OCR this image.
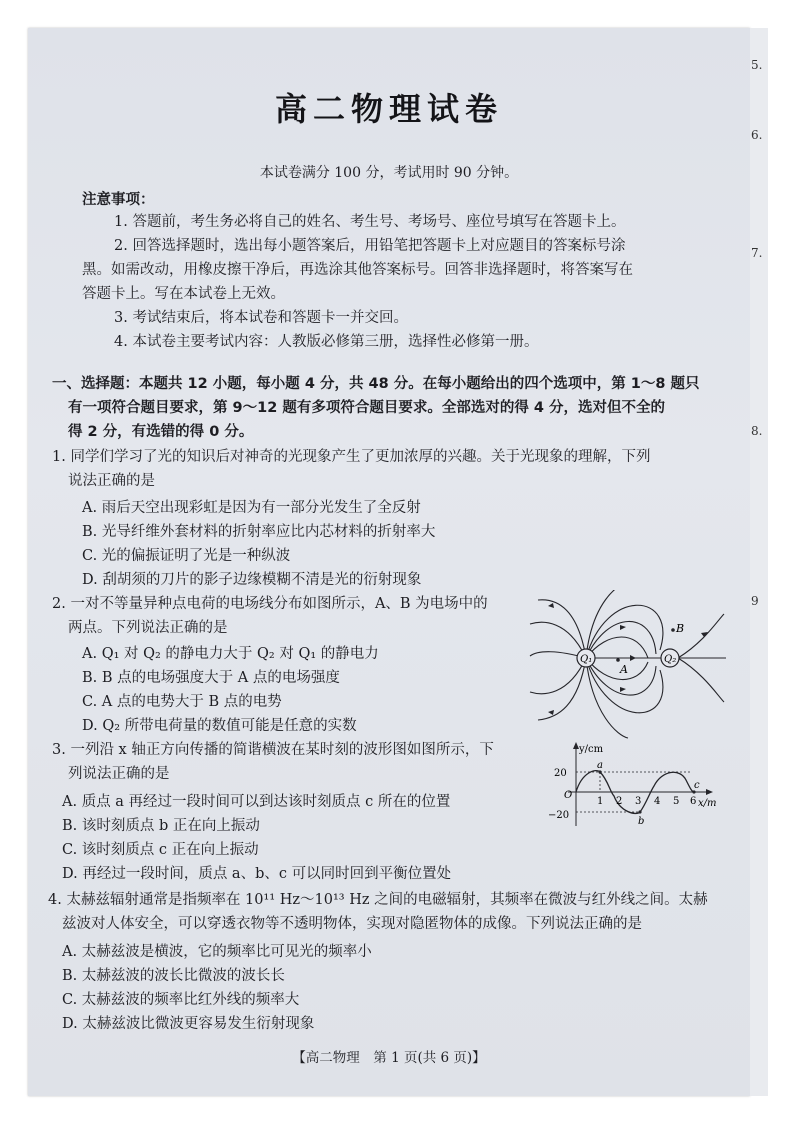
高二物理试卷
本试卷满分 100 分，考试用时 90 分钟。
注意事项：
1. 答题前，考生务必将自己的姓名、考生号、考场号、座位号填写在答题卡上。
2. 回答选择题时，选出每小题答案后，用铅笔把答题卡上对应题目的答案标号涂
黑。如需改动，用橡皮擦干净后，再选涂其他答案标号。回答非选择题时，将答案写在
答题卡上。写在本试卷上无效。
3. 考试结束后，将本试卷和答题卡一并交回。
4. 本试卷主要考试内容：人教版必修第三册，选择性必修第一册。
一、选择题：本题共 12 小题，每小题 4 分，共 48 分。在每小题给出的四个选项中，第 1～8 题只
有一项符合题目要求，第 9～12 题有多项符合题目要求。全部选对的得 4 分，选对但不全的
得 2 分，有选错的得 0 分。
1. 同学们学习了光的知识后对神奇的光现象产生了更加浓厚的兴趣。关于光现象的理解，下列
说法正确的是
A. 雨后天空出现彩虹是因为有一部分光发生了全反射
B. 光导纤维外套材料的折射率应比内芯材料的折射率大
C. 光的偏振证明了光是一种纵波
D. 刮胡须的刀片的影子边缘模糊不清是光的衍射现象
2. 一对不等量异种点电荷的电场线分布如图所示，A、B 为电场中的
两点。下列说法正确的是
A. Q₁ 对 Q₂ 的静电力大于 Q₂ 对 Q₁ 的静电力
B. B 点的电场强度大于 A 点的电场强度
C. A 点的电势大于 B 点的电势
D. Q₂ 所带电荷量的数值可能是任意的实数
Q₁	Q₂
A
B
3. 一列沿 x 轴正方向传播的简谐横波在某时刻的波形图如图所示，下
列说法正确的是
A. 质点 a 再经过一段时间可以到达该时刻质点 c 所在的位置
B. 该时刻质点 b 正在向上振动
C. 该时刻质点 c 正在向上振动
D. 再经过一段时间，质点 a、b、c 可以同时回到平衡位置处
y/cm
x/m
20
O
−20
a
b
c
1 2 3 4 5 6
4. 太赫兹辐射通常是指频率在 10¹¹ Hz～10¹³ Hz 之间的电磁辐射，其频率在微波与红外线之间。太赫
兹波对人体安全，可以穿透衣物等不透明物体，实现对隐匿物体的成像。下列说法正确的是
A. 太赫兹波是横波，它的频率比可见光的频率小
B. 太赫兹波的波长比微波的波长长
C. 太赫兹波的频率比红外线的频率大
D. 太赫兹波比微波更容易发生衍射现象
【高二物理　第 1 页(共 6 页)】
5.
6.
7.
8.
9
